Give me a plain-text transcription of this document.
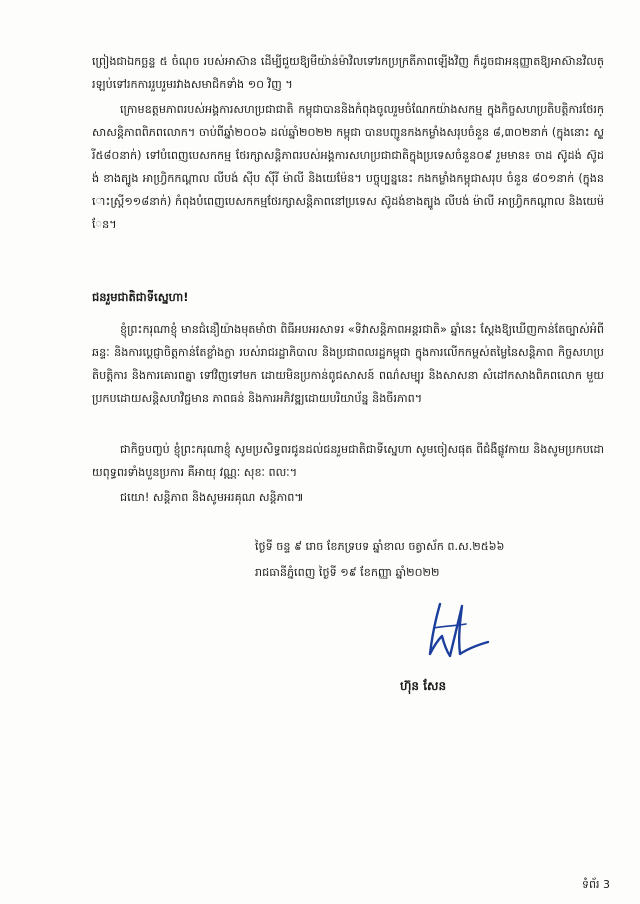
ព្រៀងជាឯកច្ឆន្ទ ៥ ចំណុច របស់អាស៊ាន ដើម្បីជួយឱ្យមីយ៉ាន់ម៉ាវិលទៅរកប្រក្រតីភាពឡើងវិញ ក៏ដូចជាអនុញ្ញាតឱ្យអាស៊ានវិលត្រឡប់ទៅរកការរួបរួមរវាងសមាជិកទាំង ១០ វិញ ។

ក្រោមឧត្តមភាពរបស់អង្គការសហប្រជាជាតិ កម្ពុជាបាននិងកំពុងចូលរួមចំណែកយ៉ាងសកម្ម ក្នុងកិច្ចសហប្រតិបត្តិការថែរក្សាសន្តិភាពពិភពលោក។ ចាប់ពីឆ្នាំ២០០៦ ដល់ឆ្នាំ២០២២ កម្ពុជា បានបញ្ជូនកងកម្លាំងសរុបចំនួន ៨,៣០២នាក់ (ក្នុងនោះ ស្ត្រី៥៨០នាក់) ទៅបំពេញបេសកកម្ម ថែរក្សាសន្តិភាពរបស់អង្គការសហប្រជាជាតិក្នុងប្រទេសចំនួន០៩ រួមមាន៖ ចាដ ស៊ូដង់ ស៊ូដង់ ខាងត្បូង អាហ្វ្រិកកណ្តាល លីបង់ ស៊ីប ស៊ីរី ម៉ាលី និងយេម៉ែន។ បច្ចុប្បន្ននេះ កងកម្លាំងកម្ពុជាសរុប ចំនួន ៨០១នាក់ (ក្នុងនោះស្ត្រី១១៨នាក់) កំពុងបំពេញបេសកកម្មថែរក្សាសន្តិភាពនៅប្រទេស ស៊ូដង់ខាងត្បូង លីបង់ ម៉ាលី អាហ្វ្រិកកណ្តាល និងយេម៉ែន។

ជនរួមជាតិជាទីស្នេហា!

ខ្ញុំព្រះករុណាខ្ញុំ មានជំនឿយ៉ាងមុតមាំថា ពិធីអបអរសាទរ «ទិវាសន្តិភាពអន្តរជាតិ» ឆ្នាំនេះ ស្តែងឱ្យឃើញកាន់តែច្បាស់អំពីឆន្ទៈ និងការប្តេជ្ញាចិត្តកាន់តែខ្លាំងក្លា របស់រាជរដ្ឋាភិបាល និងប្រជាពលរដ្ឋកម្ពុជា ក្នុងការលើកកម្ពស់តម្លៃនៃសន្តិភាព កិច្ចសហប្រតិបត្តិការ និងការគោរពគ្នា ទៅវិញទៅមក ដោយមិនប្រកាន់ពូជសាសន៍ ពណ៌សម្បុរ និងសាសនា សំដៅកសាងពិភពលោក មួយ ប្រកបដោយសន្តិសហវិជ្ជមាន ភាពធន់ និងការអភិវឌ្ឍដោយបរិយាប័ន្ន និងចីរភាព។

ជាកិច្ចបញ្ចប់ ខ្ញុំព្រះករុណាខ្ញុំ សូមប្រសិទ្ធពរជូនដល់ជនរួមជាតិជាទីស្នេហា សូមចៀសផុត ពីជំងឺផ្លូវកាយ និងសូមប្រកបដោយពុទ្ធពរទាំងបួនប្រការ គឺអាយុ វណ្ណៈ សុខៈ ពលៈ។

ជយោ! សន្តិភាព និងសូមអរគុណ សន្តិភាព៕

ថ្ងៃទី ចន្ទ ៩ រោច ខែភទ្របទ ឆ្នាំខាល ចត្វាស័ក ព.ស.២៥៦៦

រាជធានីភ្នំពេញ ថ្ងៃទី ១៩ ខែកញ្ញា ឆ្នាំ២០២២

ហ៊ុន សែន

ទំព័រ 3
